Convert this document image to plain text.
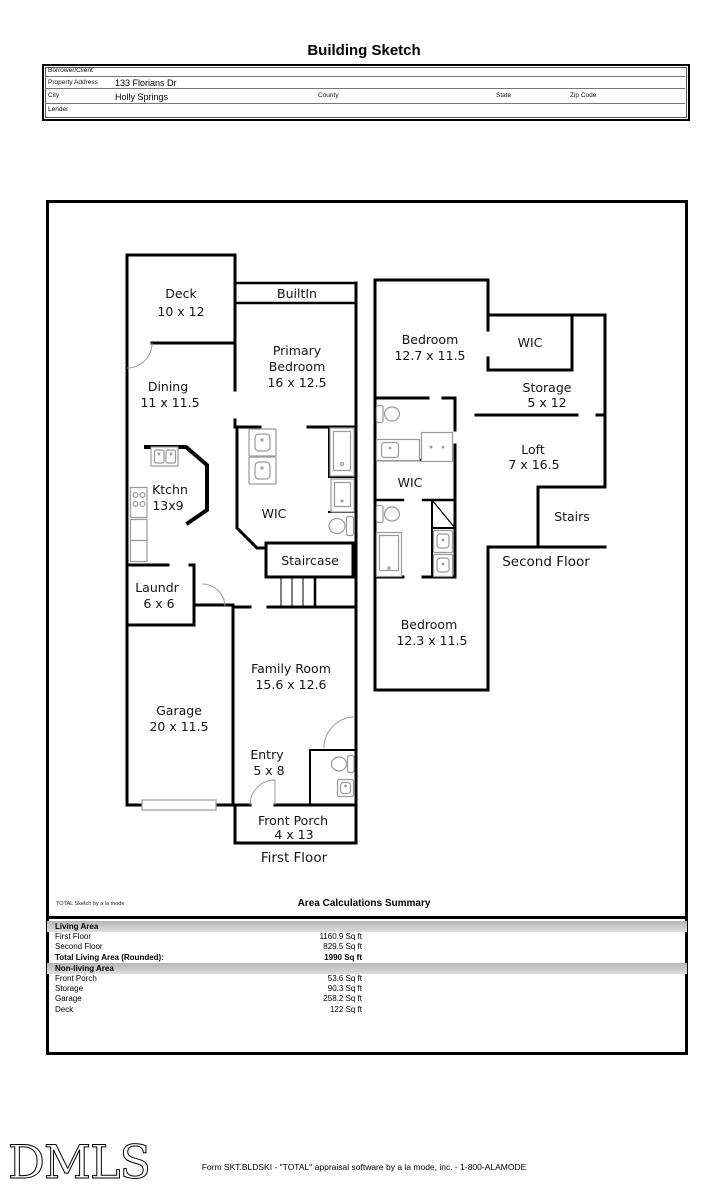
Building Sketch
Borrower/Client
Property Address 133 Florians Dr
City	Holly Springs	County	State	Zip Code
Lender
Deck
10 x 12
BuiltIn
Primary
Bedroom
16 x 12.5
Dining
11 x 11.5
Ktchn
13x9
WIC
Staircase
Laundr
6 x 6
Garage
20 x 11.5
Family Room
15.6 x 12.6
Entry
5 x 8
Front Porch
4 x 13
First Floor
Bedroom
12.7 x 11.5
WIC
Storage
5 x 12
Loft
7 x 16.5
Stairs
WIC
Second Floor
Bedroom
12.3 x 11.5
TOTAL Sketch by a la mode	Area Calculations Summary
Living Area
First Floor	1160.9 Sq ft
Second Floor	829.5 Sq ft
Total Living Area (Rounded):	1990 Sq ft
Non-living Area
Front Porch	53.6 Sq ft
Storage	90.3 Sq ft
Garage	258.2 Sq ft
Deck	122 Sq ft
DMLS	Form SKT.BLDSKI - "TOTAL" appraisal software by a la mode, inc. - 1-800-ALAMODE
